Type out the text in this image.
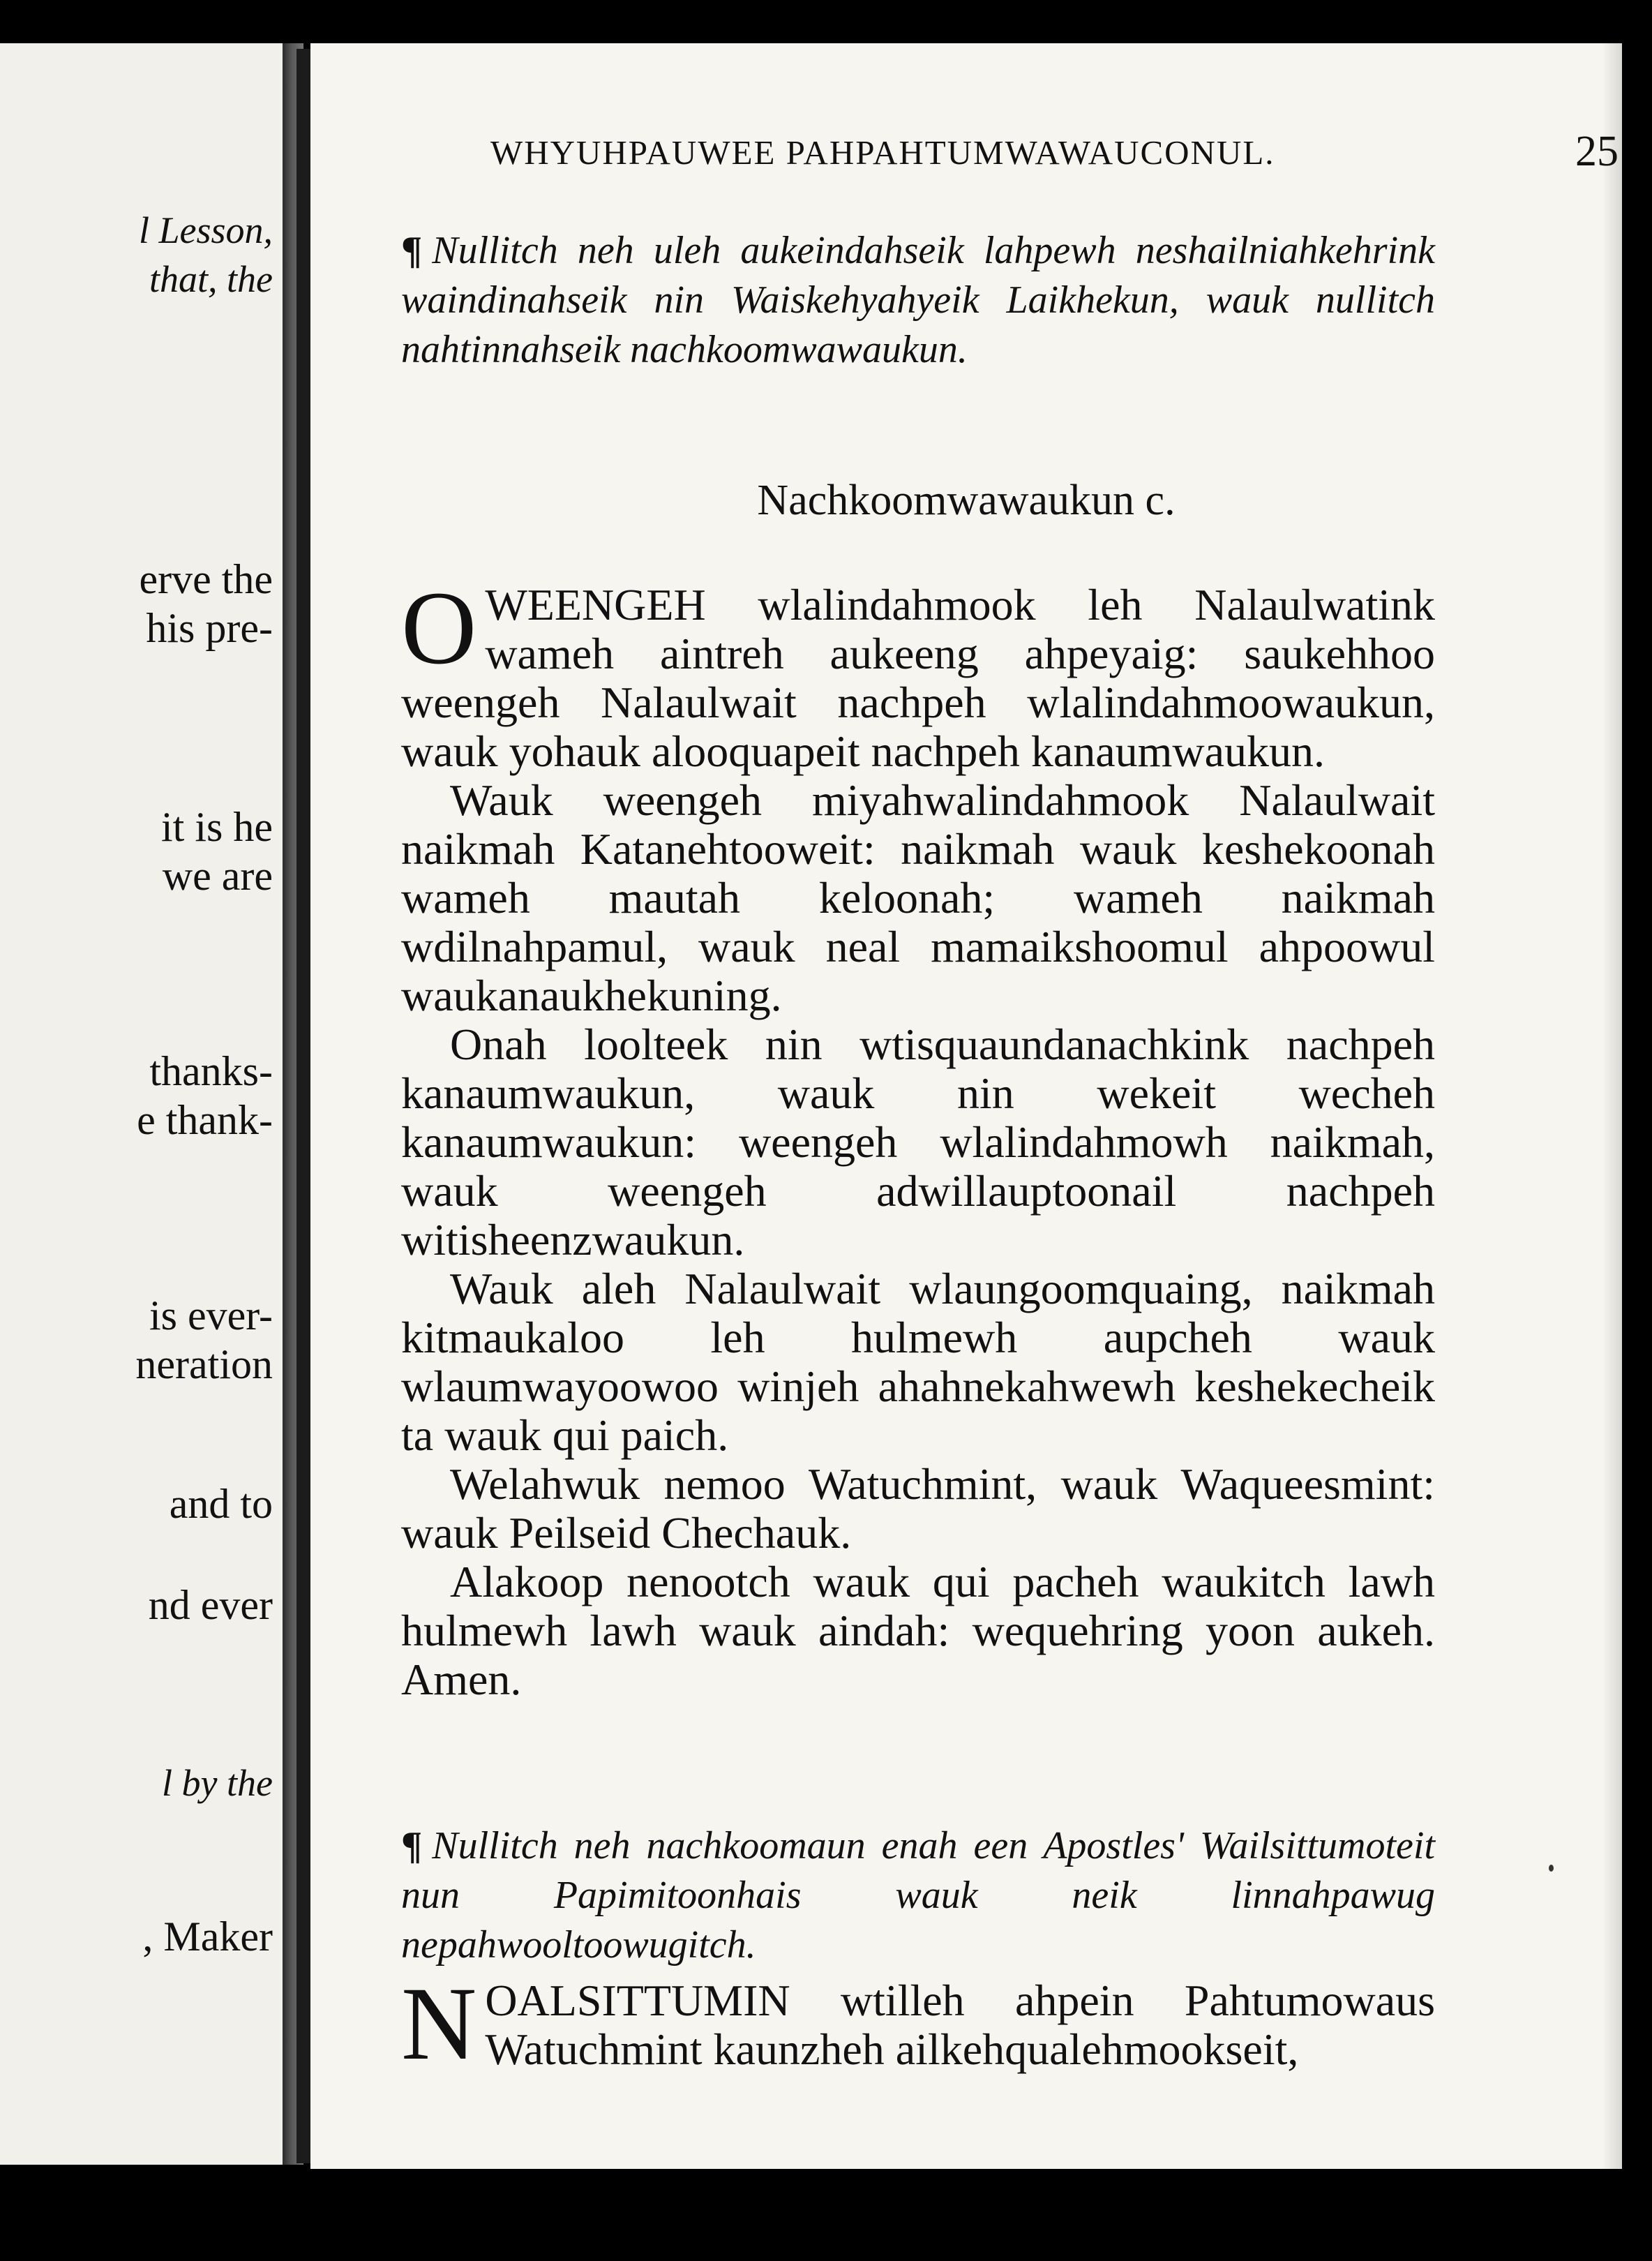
l Lesson,
that, the
erve the
his pre-
it is he
we are
thanks-
e thank-
is ever-
neration
and to
nd ever
l by the
, Maker
WHYUHPAUWEE PAHPAHTUMWAWAUCONUL.	25
¶ Nullitch neh uleh aukeindahseik lahpewh neshailniahkehrink waindinahseik nin Waiskehyahyeik Laikhekun, wauk nullitch nahtinnahseik nachkoomwawaukun.
Nachkoomwawaukun c.

OWEENGEH wlalindahmook leh Nalaulwatink wameh aintreh aukeeng ahpeyaig: saukehhoo weengeh Nalaulwait nachpeh wlalindahmoowaukun, wauk yohauk alooquapeit nachpeh kanaumwaukun.

Wauk weengeh miyahwalindahmook Nalaulwait naikmah Katanehtooweit: naikmah wauk keshekoonah wameh mautah keloonah; wameh naikmah wdilnahpamul, wauk neal mamaikshoomul ahpoowul waukanaukhekuning.

Onah loolteek nin wtisquaundanachkink nachpeh kanaumwaukun, wauk nin wekeit wecheh kanaumwaukun: weengeh wlalindahmowh naikmah, wauk weengeh adwillauptoonail nachpeh witisheenzwaukun.

Wauk aleh Nalaulwait wlaungoomquaing, naikmah kitmaukaloo leh hulmewh aupcheh wauk wlaumwayoowoo winjeh ahahnekahwewh keshekecheik ta wauk qui paich.

Welahwuk nemoo Watuchmint, wauk Waqueesmint: wauk Peilseid Chechauk.

Alakoop nenootch wauk qui pacheh waukitch lawh hulmewh lawh wauk aindah: wequehring yoon aukeh. Amen.

¶ Nullitch neh nachkoomaun enah een Apostles' Wailsittumoteit nun Papimitoonhais wauk neik linnahpawug nepahwooltoowugitch.

NOALSITTUMIN wtilleh ahpein Pahtumowaus Watuchmint kaunzheh ailkehqualehmookseit,
